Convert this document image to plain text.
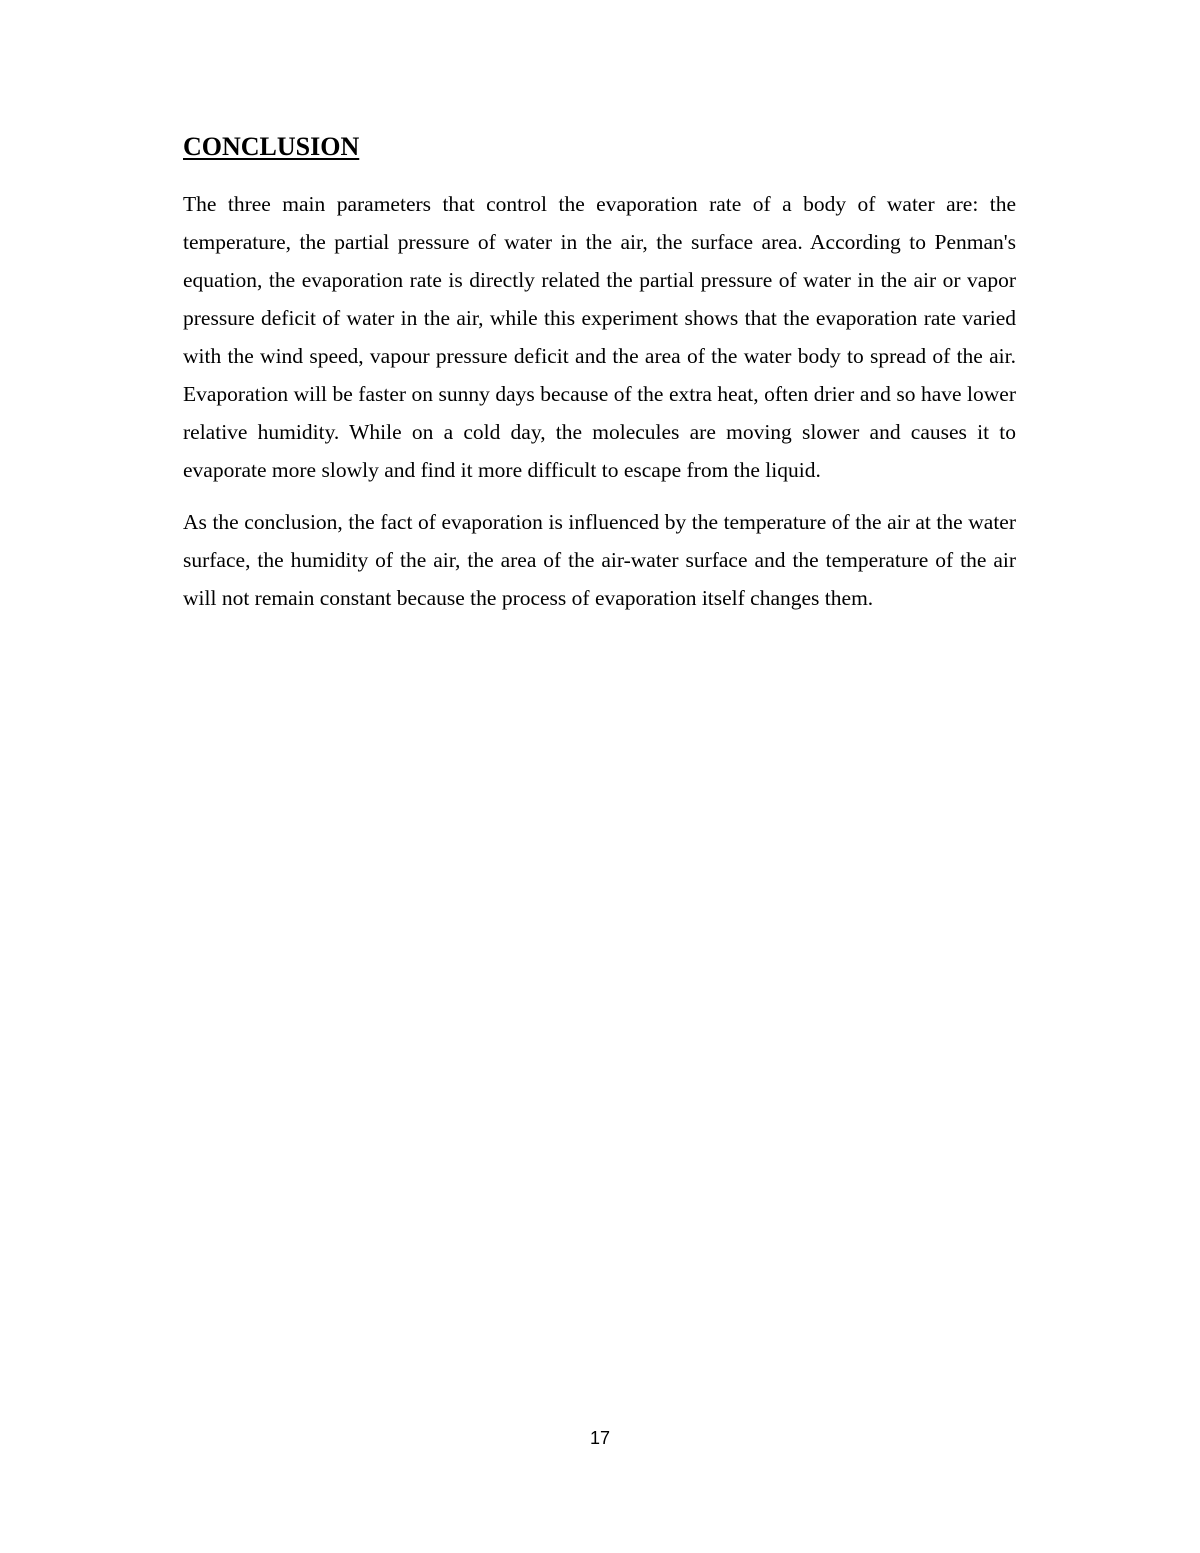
CONCLUSION

The three main parameters that control the evaporation rate of a body of water are: the temperature, the partial pressure of water in the air, the surface area. According to Penman's equation, the evaporation rate is directly related the partial pressure of water in the air or vapor pressure deficit of water in the air, while this experiment shows that the evaporation rate varied with the wind speed, vapour pressure deficit and the area of the water body to spread of the air. Evaporation will be faster on sunny days because of the extra heat, often drier and so have lower relative humidity. While on a cold day, the molecules are moving slower and causes it to evaporate more slowly and find it more difficult to escape from the liquid.

As the conclusion, the fact of evaporation is influenced by the temperature of the air at the water surface, the humidity of the air, the area of the air-water surface and the temperature of the air will not remain constant because the process of evaporation itself changes them.

17
